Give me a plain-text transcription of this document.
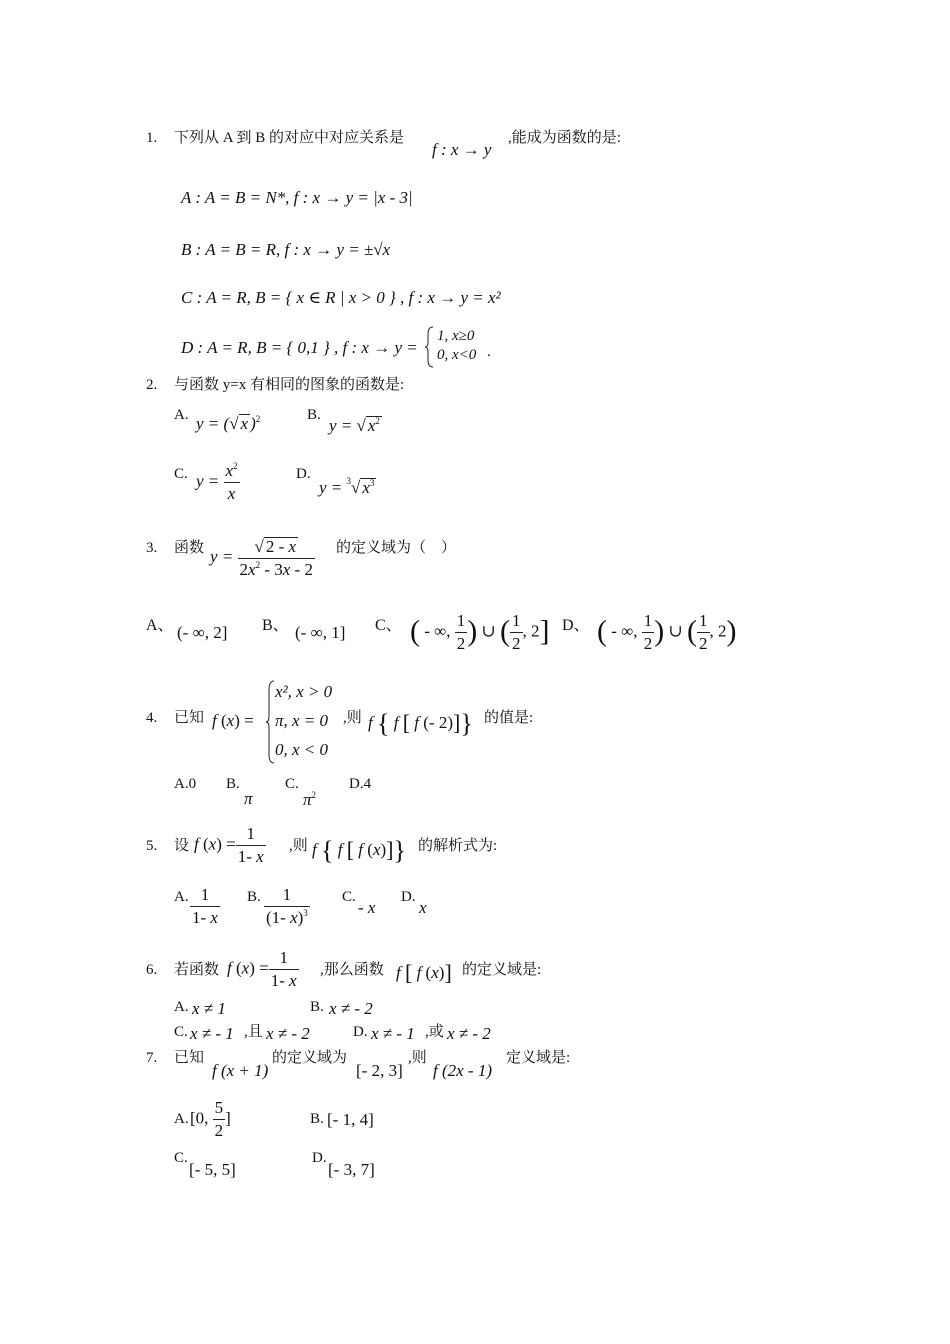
1. 下列从 A 到 B 的对应中对应关系是
f : x → y
,能成为函数的是:
A : A = B = N*, f : x → y = |x - 3|
B : A = B = R, f : x → y = ±√x
C : A = R, B = { x ∈ R | x > 0 } , f : x → y = x²
D : A = R, B = { 0,1 } , f : x → y =
1, x≥0
0, x<0 .
2. 与函数 y=x 有相同的图象的函数是:
A. y = (√ x )$^2$	B.
y = √ $x^2$
C. $y = \frac{x^2}{x}$	D.
y = $^3$√ $x^3$
3. 函数 $y = \frac{√ 2 - x}{2x^2 - 3x - 2}$ 的定义域为（　）
A、 (- ∞, 2] B、 (- ∞, 1] C、 ( - ∞, $\frac{1}{2}$ ) ∪ ( $\frac{1}{2}$ , 2] D、 ( - ∞, $\frac{1}{2}$ ) ∪ ( $\frac{1}{2}$ , 2)
4. 已知 f (x) =
x², x > 0
π, x = 0
0, x < 0
,则 f { f [ f (- 2)]} 的值是:
A.0 B.
π
C.
$\pi^2$
D.4
5. 设 f $(x) = \frac{1}{1- x}$ ,则 f { f [ f (x)]} 的解析式为:
A. $\frac{1}{1- x} B$. $\frac{1}{(1- x)^3} C$.
- x
D.
x
6. 若函数 f $(x) = \frac{1}{1- x}$ ,那么函数 f [ f (x)] 的定义域是:
A. x ≠ 1	B. x ≠ - 2
C. x ≠ - 1 ,且 x ≠ - 2	D. x ≠ - 1 ,或 x ≠ - 2
7. 已知
f (x + 1)
的定义域为
[- 2, 3]
,则
f (2x - 1)
定义域是:
A. [0, $\frac{5}{2}$ ]	B. [- 1, 4]
C.
[- 5, 5]
D.
[- 3, 7]
